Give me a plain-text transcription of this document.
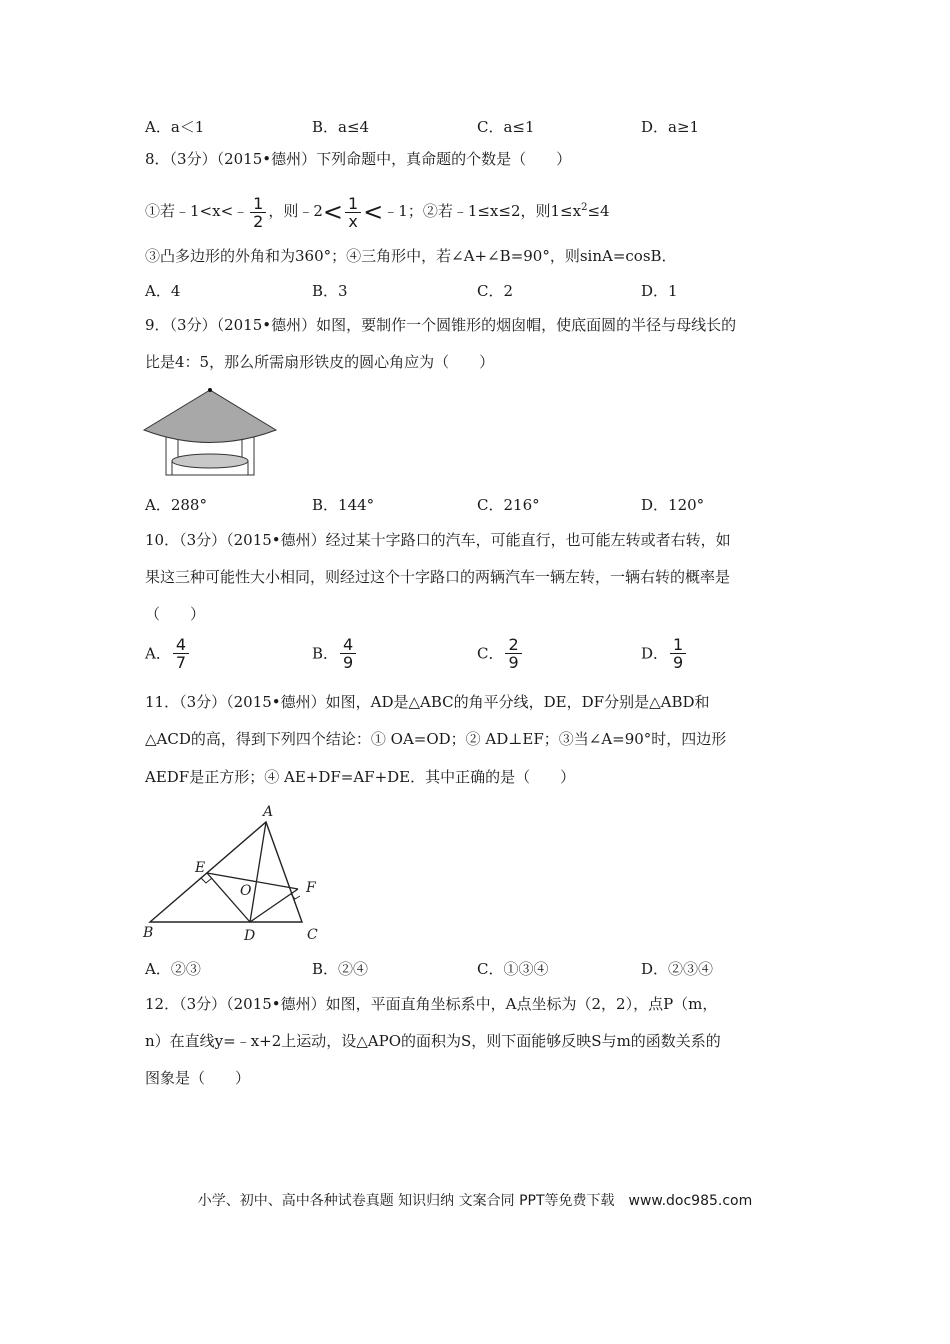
A．a＜1	B．a≤4	C．a≤1	D．a≥1
8．（3分）（2015•德州）下列命题中，真命题的个数是（　　）
①若﹣1<x<﹣ $\frac{1}{2}$ ，则﹣2< $\frac{1}{x}$ <﹣1；②若﹣1≤x≤2，则$1\le x^2\le 4$
③凸多边形的外角和为360°；④三角形中，若∠A+∠B=90°，则sinA=cosB．
A．4	B．3	C．2	D．1
9．（3分）（2015•德州）如图，要制作一个圆锥形的烟囱帽，使底面圆的半径与母线长的
比是4：5，那么所需扇形铁皮的圆心角应为（　　）
A．288°	B．144°	C．216°	D．120°
10．（3分）（2015•德州）经过某十字路口的汽车，可能直行，也可能左转或者右转，如
果这三种可能性大小相同，则经过这个十字路口的两辆汽车一辆左转，一辆右转的概率是
（　　）
A． $\frac{4}{7}$	B． $\frac{4}{9}$	C． $\frac{2}{9}$	D． $\frac{1}{9}$
11．（3分）（2015•德州）如图，AD是△ABC的角平分线，DE，DF分别是△ABD和
△ACD的高，得到下列四个结论：① OA=OD；② AD⊥EF；③当∠A=90°时，四边形
AEDF是正方形；④ AE+DF=AF+DE．其中正确的是（　　）
A
B	C
D
E
F
O
A．②③	B．②④	C．①③④	D．②③④
12．（3分）（2015•德州）如图，平面直角坐标系中，A点坐标为（2，2），点P（m，
n）在直线y=﹣x+2上运动，设△APO的面积为S，则下面能够反映S与m的函数关系的
图象是（　　）
小学、初中、高中各种试卷真题 知识归纳 文案合同 PPT等免费下载　www.doc985.com
